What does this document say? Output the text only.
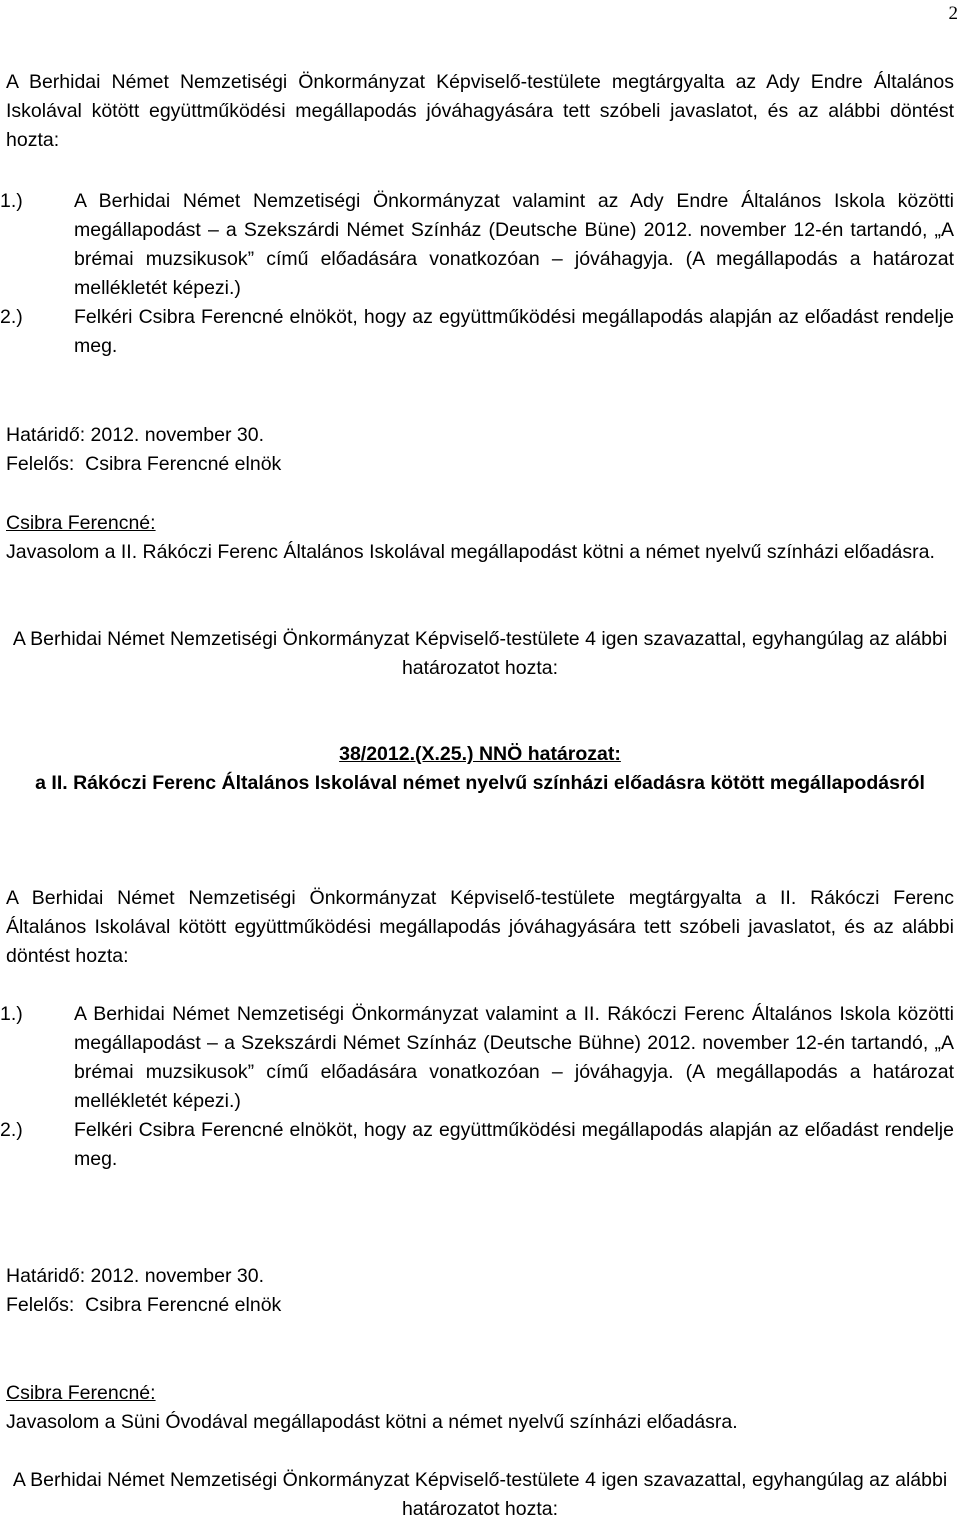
2

A Berhidai Német Nemzetiségi Önkormányzat Képviselő-testülete megtárgyalta az Ady Endre Általános Iskolával kötött együttműködési megállapodás jóváhagyására tett szóbeli javaslatot, és az alábbi döntést hozta:

1.)	A Berhidai Német Nemzetiségi Önkormányzat valamint az Ady Endre Általános Iskola közötti megállapodást – a Szekszárdi Német Színház (Deutsche Büne) 2012. november 12-én tartandó, „A brémai muzsikusok” című előadására vonatkozóan – jóváhagyja. (A megállapodás a határozat mellékletét képezi.)
2.)	Felkéri Csibra Ferencné elnököt, hogy az együttműködési megállapodás alapján az előadást rendelje meg.

Határidő: 2012. november 30.

Felelős:  Csibra Ferencné elnök

Csibra Ferencné:

Javasolom a II. Rákóczi Ferenc Általános Iskolával megállapodást kötni a német nyelvű színházi előadásra.

A Berhidai Német Nemzetiségi Önkormányzat Képviselő-testülete 4 igen szavazattal, egyhangúlag az alábbi határozatot hozta:

38/2012.(X.25.) NNÖ határozat:

a II. Rákóczi Ferenc Általános Iskolával német nyelvű színházi előadásra kötött megállapodásról

A Berhidai Német Nemzetiségi Önkormányzat Képviselő-testülete megtárgyalta a II. Rákóczi Ferenc Általános Iskolával kötött együttműködési megállapodás jóváhagyására tett szóbeli javaslatot, és az alábbi döntést hozta:

1.)	A Berhidai Német Nemzetiségi Önkormányzat valamint a II. Rákóczi Ferenc Általános Iskola közötti megállapodást – a Szekszárdi Német Színház (Deutsche Bühne) 2012. november 12-én tartandó, „A brémai muzsikusok” című előadására vonatkozóan – jóváhagyja. (A megállapodás a határozat mellékletét képezi.)
2.)	Felkéri Csibra Ferencné elnököt, hogy az együttműködési megállapodás alapján az előadást rendelje meg.

Határidő: 2012. november 30.

Felelős:  Csibra Ferencné elnök

Csibra Ferencné:

Javasolom a Süni Óvodával megállapodást kötni a német nyelvű színházi előadásra.

A Berhidai Német Nemzetiségi Önkormányzat Képviselő-testülete 4 igen szavazattal, egyhangúlag az alábbi határozatot hozta:
